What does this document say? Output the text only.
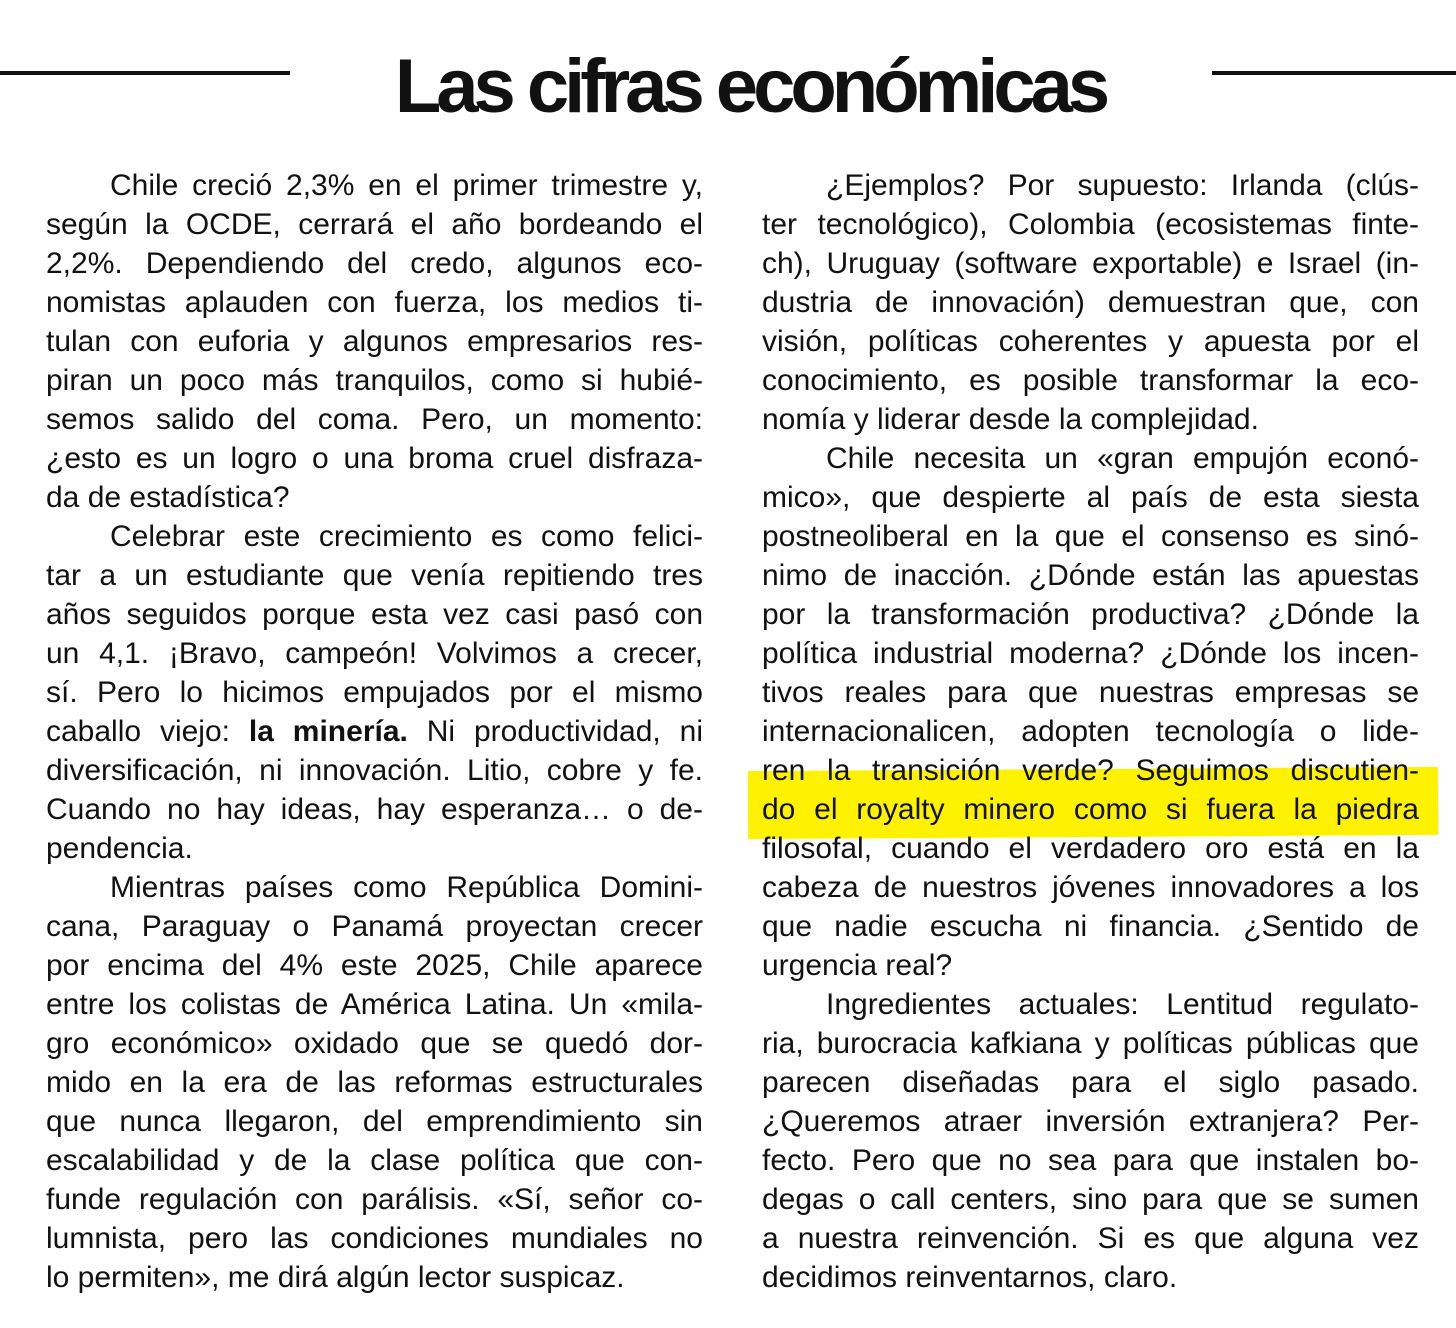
Las cifras económicas
Chile creció 2,3% en el primer trimestre y,
según la OCDE, cerrará el año bordeando el
2,2%. Dependiendo del credo, algunos eco-
nomistas aplauden con fuerza, los medios ti-
tulan con euforia y algunos empresarios res-
piran un poco más tranquilos, como si hubié-
semos salido del coma. Pero, un momento:
¿esto es un logro o una broma cruel disfraza-
da de estadística?
Celebrar este crecimiento es como felici-
tar a un estudiante que venía repitiendo tres
años seguidos porque esta vez casi pasó con
un 4,1. ¡Bravo, campeón! Volvimos a crecer,
sí. Pero lo hicimos empujados por el mismo
caballo viejo: la minería. Ni productividad, ni
diversificación, ni innovación. Litio, cobre y fe.
Cuando no hay ideas, hay esperanza… o de-
pendencia.
Mientras países como República Domini-
cana, Paraguay o Panamá proyectan crecer
por encima del 4% este 2025, Chile aparece
entre los colistas de América Latina. Un «mila-
gro económico» oxidado que se quedó dor-
mido en la era de las reformas estructurales
que nunca llegaron, del emprendimiento sin
escalabilidad y de la clase política que con-
funde regulación con parálisis. «Sí, señor co-
lumnista, pero las condiciones mundiales no
lo permiten», me dirá algún lector suspicaz.
¿Ejemplos? Por supuesto: Irlanda (clús-
ter tecnológico), Colombia (ecosistemas finte-
ch), Uruguay (software exportable) e Israel (in-
dustria de innovación) demuestran que, con
visión, políticas coherentes y apuesta por el
conocimiento, es posible transformar la eco-
nomía y liderar desde la complejidad.
Chile necesita un «gran empujón econó-
mico», que despierte al país de esta siesta
postneoliberal en la que el consenso es sinó-
nimo de inacción. ¿Dónde están las apuestas
por la transformación productiva? ¿Dónde la
política industrial moderna? ¿Dónde los incen-
tivos reales para que nuestras empresas se
internacionalicen, adopten tecnología o lide-
ren la transición verde? Seguimos discutien-
do el royalty minero como si fuera la piedra
filosofal, cuando el verdadero oro está en la
cabeza de nuestros jóvenes innovadores a los
que nadie escucha ni financia. ¿Sentido de
urgencia real?
Ingredientes actuales: Lentitud regulato-
ria, burocracia kafkiana y políticas públicas que
parecen diseñadas para el siglo pasado.
¿Queremos atraer inversión extranjera? Per-
fecto. Pero que no sea para que instalen bo-
degas o call centers, sino para que se sumen
a nuestra reinvención. Si es que alguna vez
decidimos reinventarnos, claro.
